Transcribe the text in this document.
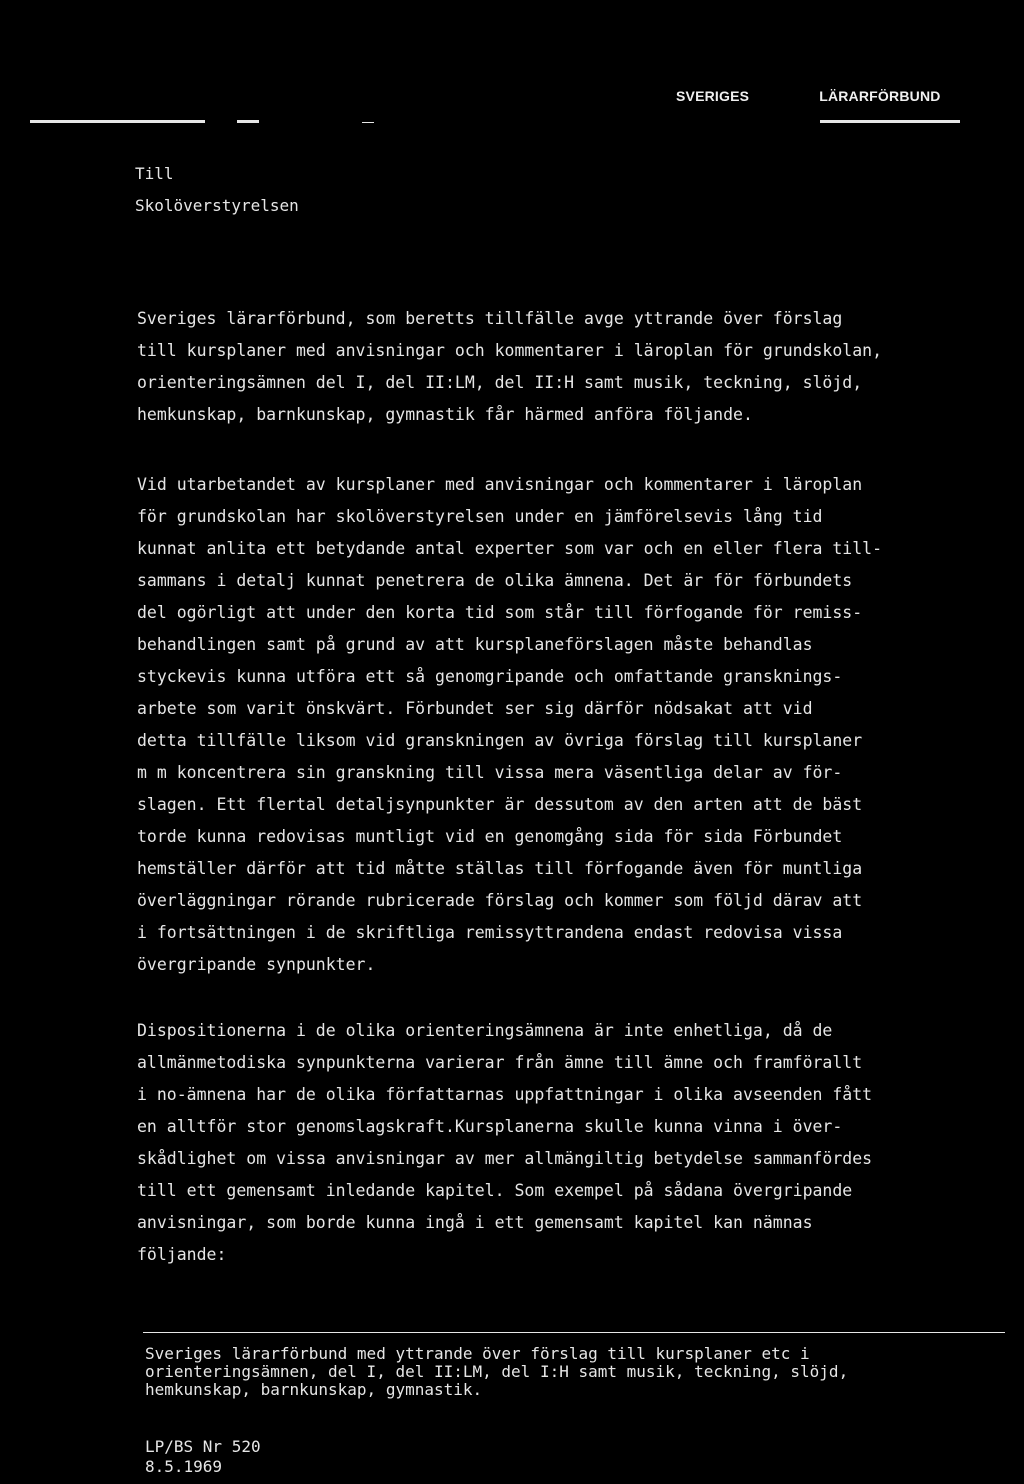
SVERIGES	LÄRARFÖRBUND
Till
Skolöverstyrelsen

Sveriges lärarförbund, som beretts tillfälle avge yttrande över förslag
till kursplaner med anvisningar och kommentarer i läroplan för grundskolan,
orienteringsämnen del I, del II:LM, del II:H samt musik, teckning, slöjd,
hemkunskap, barnkunskap, gymnastik får härmed anföra följande.

Vid utarbetandet av kursplaner med anvisningar och kommentarer i läroplan
för grundskolan har skolöverstyrelsen under en jämförelsevis lång tid
kunnat anlita ett betydande antal experter som var och en eller flera till-
sammans i detalj kunnat penetrera de olika ämnena. Det är för förbundets
del ogörligt att under den korta tid som står till förfogande för remiss-
behandlingen samt på grund av att kursplaneförslagen måste behandlas
styckevis kunna utföra ett så genomgripande och omfattande gransknings-
arbete som varit önskvärt. Förbundet ser sig därför nödsakat att vid
detta tillfälle liksom vid granskningen av övriga förslag till kursplaner
m m koncentrera sin granskning till vissa mera väsentliga delar av för-
slagen. Ett flertal detaljsynpunkter är dessutom av den arten att de bäst
torde kunna redovisas muntligt vid en genomgång sida för sida Förbundet
hemställer därför att tid måtte ställas till förfogande även för muntliga
överläggningar rörande rubricerade förslag och kommer som följd därav att
i fortsättningen i de skriftliga remissyttrandena endast redovisa vissa
övergripande synpunkter.

Dispositionerna i de olika orienteringsämnena är inte enhetliga, då de
allmänmetodiska synpunkterna varierar från ämne till ämne och framförallt
i no-ämnena har de olika författarnas uppfattningar i olika avseenden fått
en alltför stor genomslagskraft.Kursplanerna skulle kunna vinna i över-
skådlighet om vissa anvisningar av mer allmängiltig betydelse sammanfördes
till ett gemensamt inledande kapitel. Som exempel på sådana övergripande
anvisningar, som borde kunna ingå i ett gemensamt kapitel kan nämnas
följande:

Sveriges lärarförbund med yttrande över förslag till kursplaner etc i
orienteringsämnen, del I, del II:LM, del I:H samt musik, teckning, slöjd,
hemkunskap, barnkunskap, gymnastik.

LP/BS Nr 520
8.5.1969
